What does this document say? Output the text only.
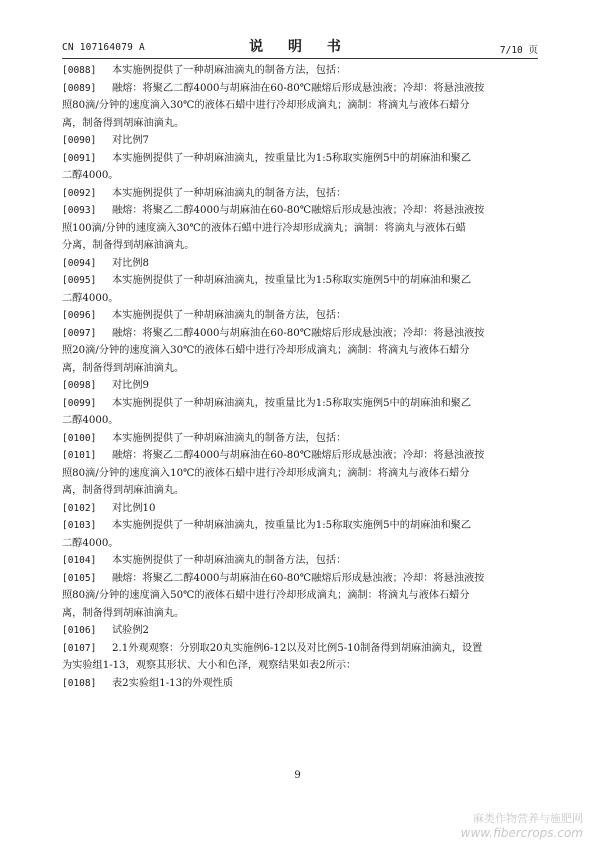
CN 107164079 A	说 明 书	7/10 页
[0088]	本实施例提供了一种胡麻油滴丸的制备方法，包括：
[0089]	融熔：将聚乙二醇4000与胡麻油在60-80℃融熔后形成悬浊液；冷却：将悬浊液按
照80滴/分钟的速度滴入30℃的液体石蜡中进行冷却形成滴丸；滴制：将滴丸与液体石蜡分
离，制备得到胡麻油滴丸。
[0090]	对比例7
[0091]	本实施例提供了一种胡麻油滴丸，按重量比为1:5称取实施例5中的胡麻油和聚乙
二醇4000。
[0092]	本实施例提供了一种胡麻油滴丸的制备方法，包括：
[0093]	融熔：将聚乙二醇4000与胡麻油在60-80℃融熔后形成悬浊液；冷却：将悬浊液按
照100滴/分钟的速度滴入30℃的液体石蜡中进行冷却形成滴丸；滴制：将滴丸与液体石蜡
分离，制备得到胡麻油滴丸。
[0094]	对比例8
[0095]	本实施例提供了一种胡麻油滴丸，按重量比为1:5称取实施例5中的胡麻油和聚乙
二醇4000。
[0096]	本实施例提供了一种胡麻油滴丸的制备方法，包括：
[0097]	融熔：将聚乙二醇4000与胡麻油在60-80℃融熔后形成悬浊液；冷却：将悬浊液按
照20滴/分钟的速度滴入30℃的液体石蜡中进行冷却形成滴丸；滴制：将滴丸与液体石蜡分
离，制备得到胡麻油滴丸。
[0098]	对比例9
[0099]	本实施例提供了一种胡麻油滴丸，按重量比为1:5称取实施例5中的胡麻油和聚乙
二醇4000。
[0100]	本实施例提供了一种胡麻油滴丸的制备方法，包括：
[0101]	融熔：将聚乙二醇4000与胡麻油在60-80℃融熔后形成悬浊液；冷却：将悬浊液按
照80滴/分钟的速度滴入10℃的液体石蜡中进行冷却形成滴丸；滴制：将滴丸与液体石蜡分
离，制备得到胡麻油滴丸。
[0102]	对比例10
[0103]	本实施例提供了一种胡麻油滴丸，按重量比为1:5称取实施例5中的胡麻油和聚乙
二醇4000。
[0104]	本实施例提供了一种胡麻油滴丸的制备方法，包括：
[0105]	融熔：将聚乙二醇4000与胡麻油在60-80℃融熔后形成悬浊液；冷却：将悬浊液按
照80滴/分钟的速度滴入50℃的液体石蜡中进行冷却形成滴丸；滴制：将滴丸与液体石蜡分
离，制备得到胡麻油滴丸。
[0106]	试验例2
[0107]	2.1外观观察：分别取20丸实施例6-12以及对比例5-10制备得到胡麻油滴丸，设置
为实验组1-13，观察其形状、大小和色泽，观察结果如表2所示：
[0108]	表2实验组1-13的外观性质
9
麻类作物营养与施肥网
www.fibercrops.com
